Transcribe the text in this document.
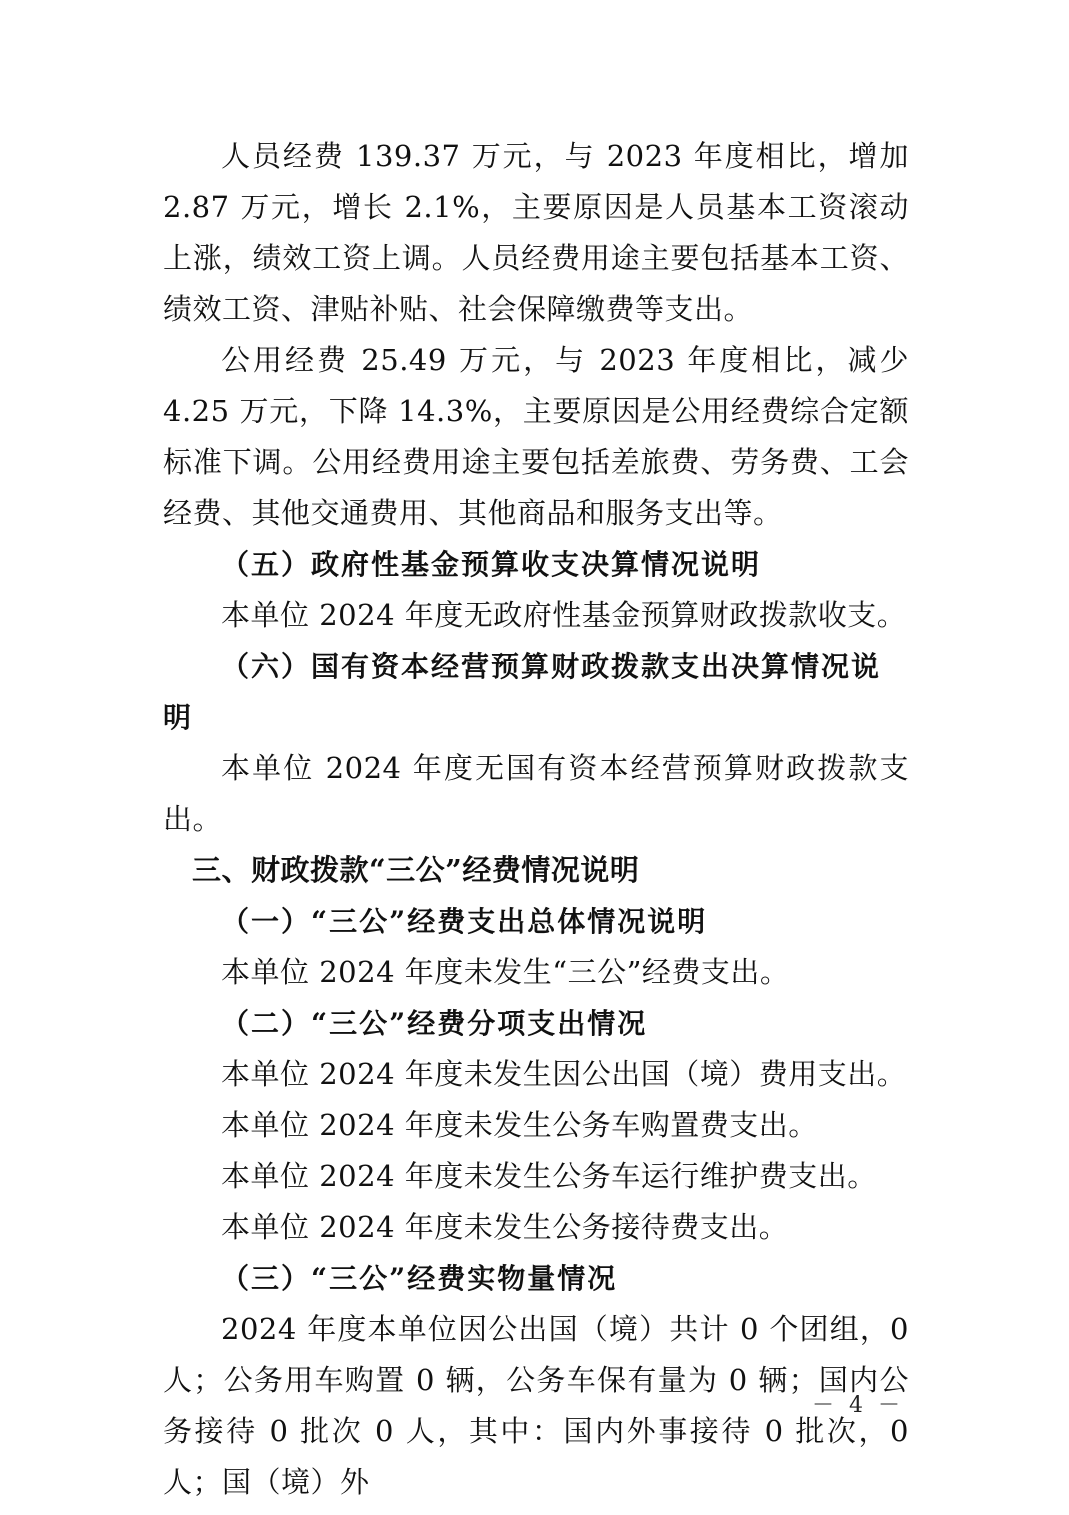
人员经费 139.37 万元，与 2023 年度相比，增加 2.87 万元，增长 2.1%，主要原因是人员基本工资滚动上涨，绩效工资上调。人员经费用途主要包括基本工资、绩效工资、津贴补贴、社会保障缴费等支出。

公用经费 25.49 万元，与 2023 年度相比，减少 4.25 万元，下降 14.3%，主要原因是公用经费综合定额标准下调。公用经费用途主要包括差旅费、劳务费、工会经费、其他交通费用、其他商品和服务支出等。

（五）政府性基金预算收支决算情况说明

本单位 2024 年度无政府性基金预算财政拨款收支。

（六）国有资本经营预算财政拨款支出决算情况说明

本单位 2024 年度无国有资本经营预算财政拨款支出。

三、财政拨款“三公”经费情况说明

（一）“三公”经费支出总体情况说明

本单位 2024 年度未发生“三公”经费支出。

（二）“三公”经费分项支出情况

本单位 2024 年度未发生因公出国（境）费用支出。

本单位 2024 年度未发生公务车购置费支出。

本单位 2024 年度未发生公务车运行维护费支出。

本单位 2024 年度未发生公务接待费支出。

（三）“三公”经费实物量情况

2024 年度本单位因公出国（境）共计 0 个团组，0 人；公务用车购置 0 辆，公务车保有量为 0 辆；国内公务接待 0 批次 0 人，其中：国内外事接待 0 批次，0 人；国（境）外

－ 4 －
